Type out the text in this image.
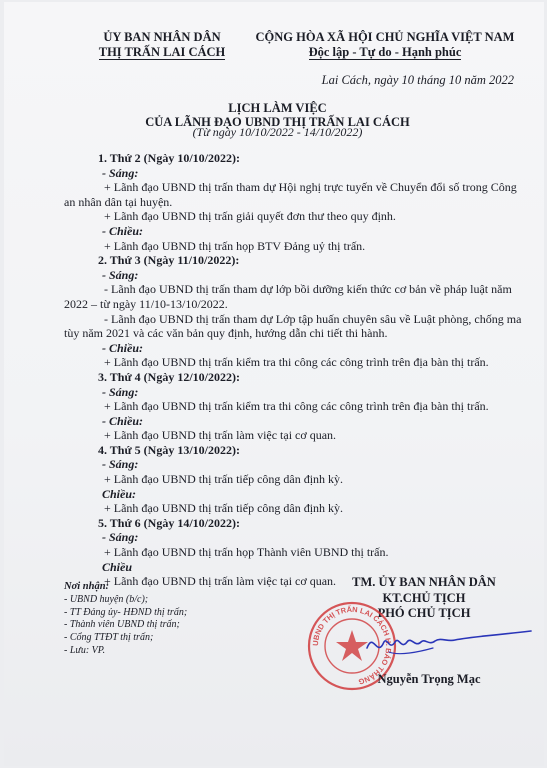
ỦY BAN NHÂN DÂN
THỊ TRẤN LAI CÁCH
CỘNG HÒA XÃ HỘI CHỦ NGHĨA VIỆT NAM
Độc lập - Tự do - Hạnh phúc
Lai Cách, ngày 10 tháng 10 năm 2022
LỊCH LÀM VIỆC
CỦA LÃNH ĐẠO UBND THỊ TRẤN LAI CÁCH
(Từ ngày 10/10/2022 - 14/10/2022)
1. Thứ 2 (Ngày 10/10/2022):
- Sáng:
+ Lãnh đạo UBND thị trấn tham dự Hội nghị trực tuyến về Chuyển đổi số trong Công an nhân dân tại huyện.
+ Lãnh đạo UBND thị trấn giải quyết đơn thư theo quy định.
- Chiều:
+ Lãnh đạo UBND thị trấn họp BTV Đảng uỷ thị trấn.
2. Thứ 3 (Ngày 11/10/2022):
- Sáng:
- Lãnh đạo UBND thị trấn tham dự lớp bồi dưỡng kiến thức cơ bản về pháp luật năm 2022 – từ ngày 11/10-13/10/2022.
- Lãnh đạo UBND thị trấn tham dự Lớp tập huấn chuyên sâu về Luật phòng, chống ma tùy năm 2021 và các văn bản quy định, hướng dẫn chi tiết thi hành.
- Chiều:
+ Lãnh đạo UBND thị trấn kiểm tra thi công các công trình trên địa bàn thị trấn.
3. Thứ 4 (Ngày 12/10/2022):
- Sáng:
+ Lãnh đạo UBND thị trấn kiểm tra thi công các công trình trên địa bàn thị trấn.
- Chiều:
+ Lãnh đạo UBND thị trấn làm việc tại cơ quan.
4. Thứ 5 (Ngày 13/10/2022):
- Sáng:
+ Lãnh đạo UBND thị trấn tiếp công dân định kỳ.
Chiều:
+ Lãnh đạo UBND thị trấn tiếp công dân định kỳ.
5. Thứ 6 (Ngày 14/10/2022):
- Sáng:
+ Lãnh đạo UBND thị trấn họp Thành viên UBND thị trấn.
Chiều
+ Lãnh đạo UBND thị trấn làm việc tại cơ quan.
Nơi nhận:
- UBND huyện (b/c);
- TT Đảng ủy- HĐND thị trấn;
- Thành viên UBND thị trấn;
- Cổng TTĐT thị trấn;
- Lưu: VP.
TM. ỦY BAN NHÂN DÂN
KT.CHỦ TỊCH
PHÓ CHỦ TỊCH
UBND THỊ TRẤN LAI CÁCH H. BẢO THẮNG Nguyễn Trọng Mạc
